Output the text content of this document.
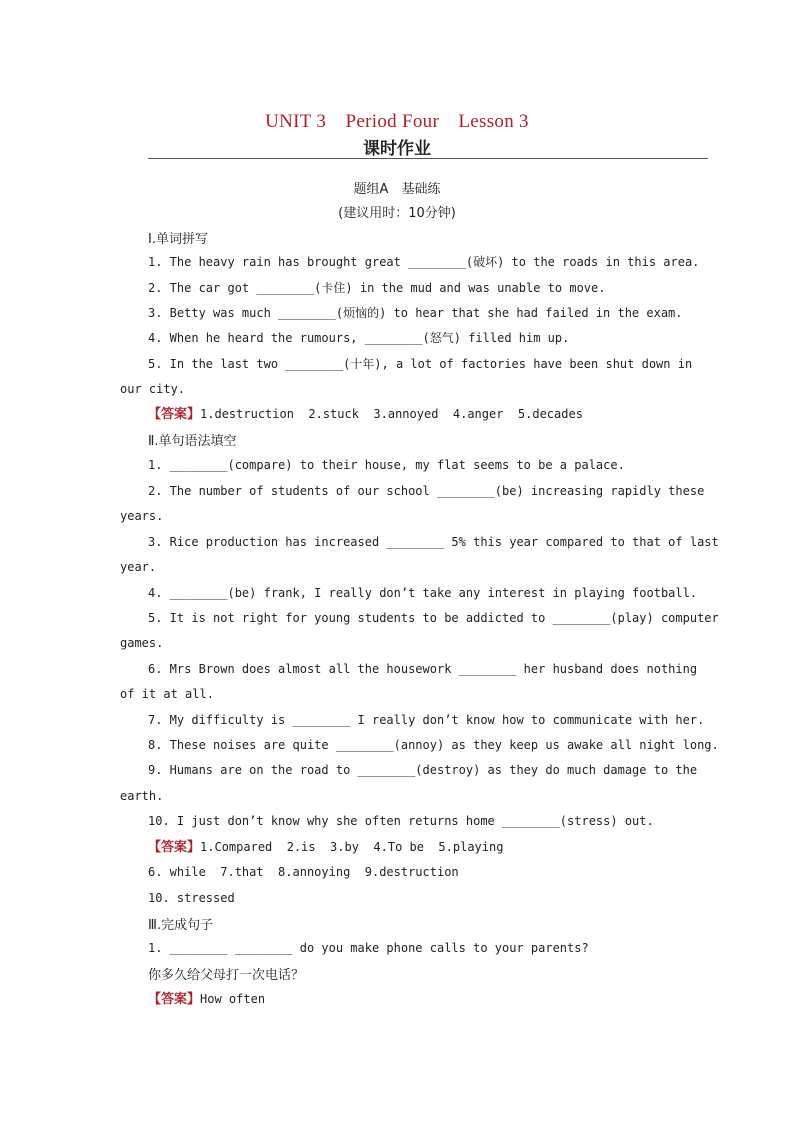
UNIT 3　Period Four　Lesson 3
课时作业
题组A　基础练
(建议用时：10分钟)
Ⅰ.单词拼写
1. The heavy rain has brought great ________(破坏) to the roads in this area.
2. The car got ________(卡住) in the mud and was unable to move.
3. Betty was much ________(烦恼的) to hear that she had failed in the exam.
4. When he heard the rumours, ________(怒气) filled him up.
5. In the last two ________(十年), a lot of factories have been shut down in
our city.
【答案】1.destruction  2.stuck  3.annoyed  4.anger  5.decades
Ⅱ.单句语法填空
1. ________(compare) to their house, my flat seems to be a palace.
2. The number of students of our school ________(be) increasing rapidly these
years.
3. Rice production has increased ________ 5% this year compared to that of last
year.
4. ________(be) frank, I really don’t take any interest in playing football.
5. It is not right for young students to be addicted to ________(play) computer
games.
6. Mrs Brown does almost all the housework ________ her husband does nothing
of it at all.
7. My difficulty is ________ I really don’t know how to communicate with her.
8. These noises are quite ________(annoy) as they keep us awake all night long.
9. Humans are on the road to ________(destroy) as they do much damage to the
earth.
10. I just don’t know why she often returns home ________(stress) out.
【答案】1.Compared  2.is  3.by  4.To be  5.playing
6. while  7.that  8.annoying  9.destruction
10. stressed
Ⅲ.完成句子
1. ________ ________ do you make phone calls to your parents?
你多久给父母打一次电话？
【答案】How often
